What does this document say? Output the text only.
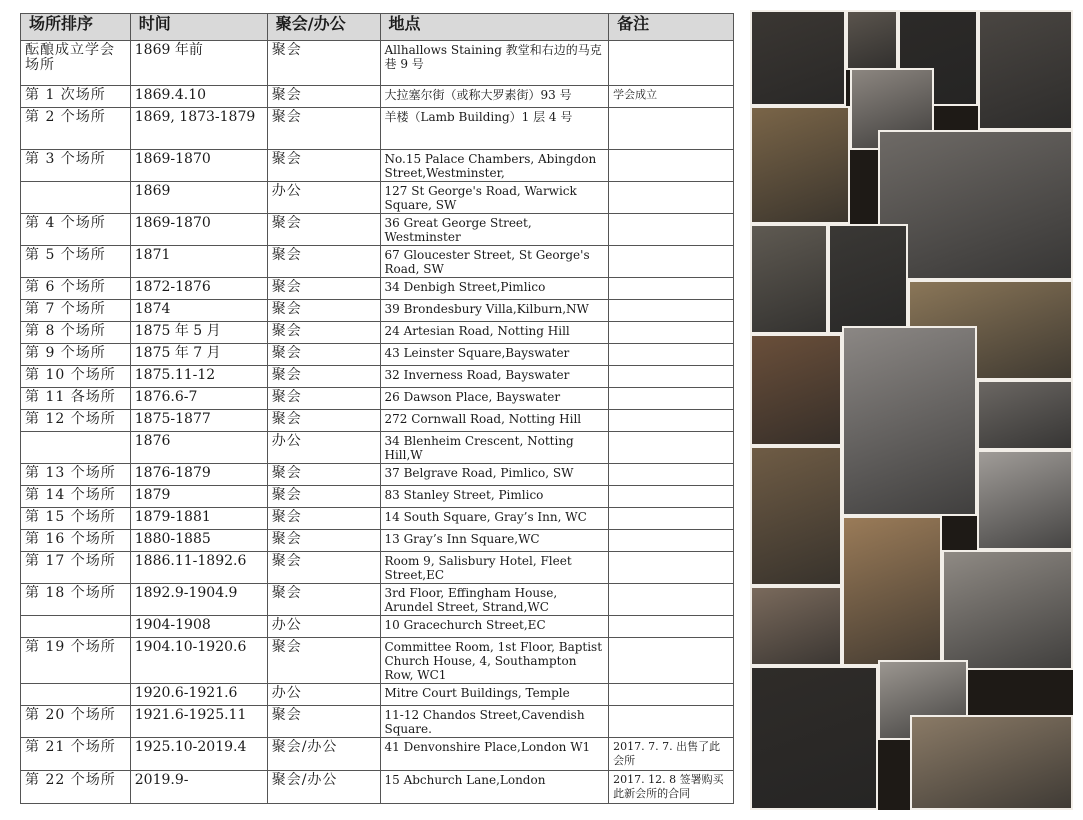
场所排序	时间	聚会/办公	地点	备注
酝酿成立学会场所	1869 年前	聚会	Allhallows Staining 教堂和右边的马克巷 9 号	
第 1 次场所	1869.4.10	聚会	大拉塞尔街（或称大罗素街）93 号	学会成立
第 2 个场所	1869, 1873-1879	聚会	羊楼（Lamb Building）1 层 4 号	
第 3 个场所	1869-1870	聚会	No.15 Palace Chambers, Abingdon Street,Westminster,	
	1869	办公	127 St George's Road, Warwick Square, SW	
第 4 个场所	1869-1870	聚会	36 Great George Street, Westminster	
第 5 个场所	1871	聚会	67 Gloucester Street, St George's Road, SW	
第 6 个场所	1872-1876	聚会	34 Denbigh Street,Pimlico	
第 7 个场所	1874	聚会	39 Brondesbury Villa,Kilburn,NW	
第 8 个场所	1875 年 5 月	聚会	24 Artesian Road, Notting Hill	
第 9 个场所	1875 年 7 月	聚会	43 Leinster Square,Bayswater	
第 10 个场所	1875.11-12	聚会	32 Inverness Road, Bayswater	
第 11 各场所	1876.6-7	聚会	26 Dawson Place, Bayswater	
第 12 个场所	1875-1877	聚会	272 Cornwall Road, Notting Hill	
	1876	办公	34 Blenheim Crescent, Notting Hill,W	
第 13 个场所	1876-1879	聚会	37 Belgrave Road, Pimlico, SW	
第 14 个场所	1879	聚会	83 Stanley Street, Pimlico	
第 15 个场所	1879-1881	聚会	14 South Square, Gray’s Inn, WC	
第 16 个场所	1880-1885	聚会	13 Gray’s Inn Square,WC	
第 17 个场所	1886.11-1892.6	聚会	Room 9, Salisbury Hotel, Fleet Street,EC	
第 18 个场所	1892.9-1904.9	聚会	3rd Floor, Effingham House, Arundel Street, Strand,WC	
	1904-1908	办公	10 Gracechurch Street,EC	
第 19 个场所	1904.10-1920.6	聚会	Committee Room, 1st Floor, Baptist Church House, 4, Southampton Row, WC1	
	1920.6-1921.6	办公	Mitre Court Buildings, Temple	
第 20 个场所	1921.6-1925.11	聚会	11-12 Chandos Street,Cavendish Square.	
第 21 个场所	1925.10-2019.4	聚会/办公	41 Denvonshire Place,London W1	2017. 7. 7. 出售了此会所
第 22 个场所	2019.9-	聚会/办公	15 Abchurch Lane,London	2017. 12. 8 签署购买此新会所的合同
